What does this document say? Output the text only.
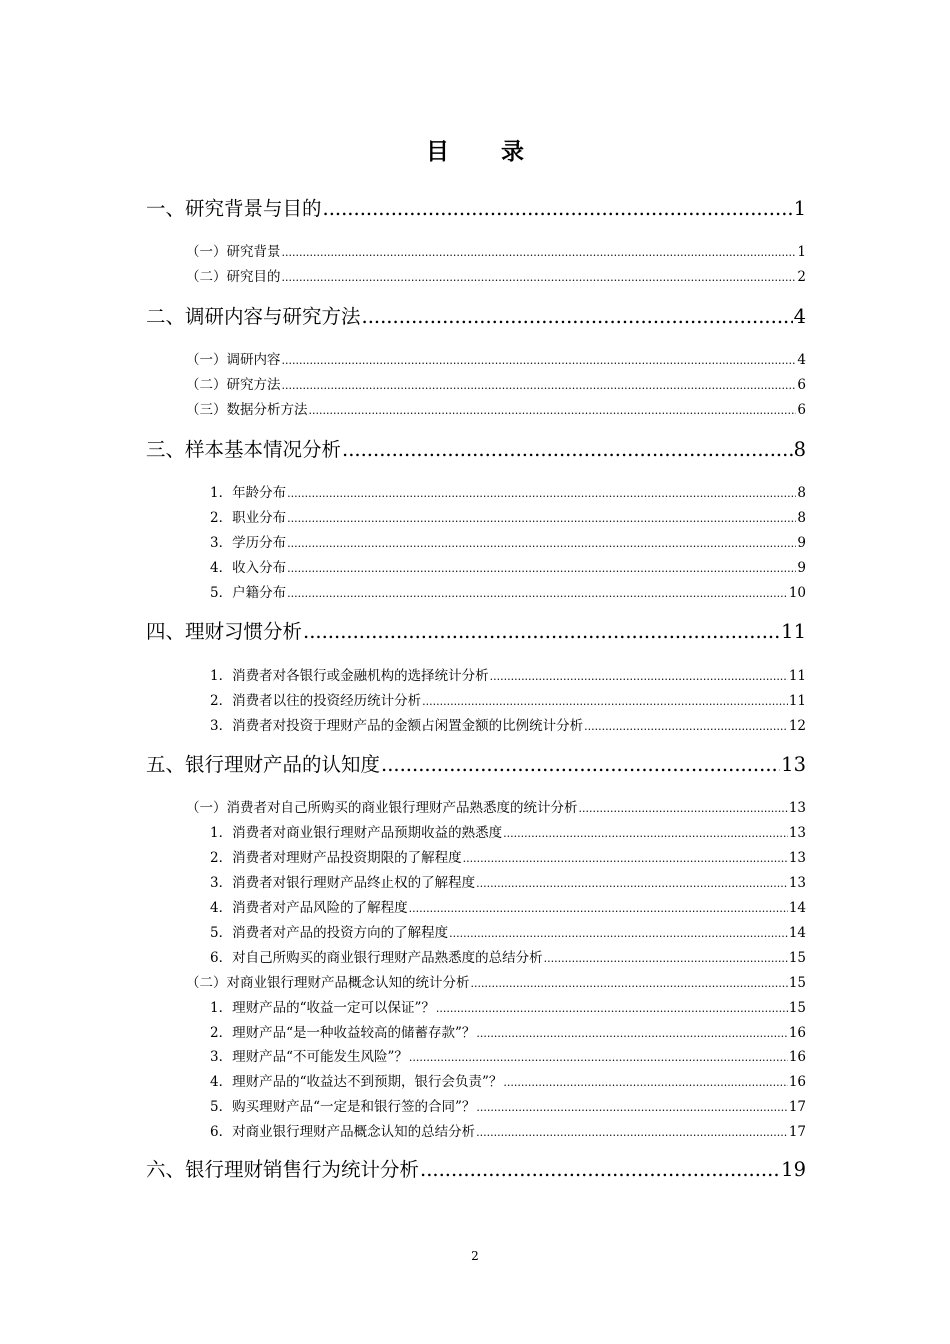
目 录
一、研究背景与目的 .....	1
（一）研究背景 .....	1
（二）研究目的 .....	2
二、调研内容与研究方法 .....	4
（一）调研内容 .....	4
（二）研究方法 .....	6
（三）数据分析方法 .....	6
三、样本基本情况分析 .....	8
1．年龄分布 .....	8
2．职业分布 .....	8
3．学历分布 .....	9
4．收入分布 .....	9
5．户籍分布 .....	10
四、理财习惯分析 .....	11
1．消费者对各银行或金融机构的选择统计分析 .....	11
2．消费者以往的投资经历统计分析 .....	11
3．消费者对投资于理财产品的金额占闲置金额的比例统计分析 .....	12
五、银行理财产品的认知度 .....	13
（一）消费者对自己所购买的商业银行理财产品熟悉度的统计分析 .....	13
1．消费者对商业银行理财产品预期收益的熟悉度 .....	13
2．消费者对理财产品投资期限的了解程度 .....	13
3．消费者对银行理财产品终止权的了解程度 .....	13
4．消费者对产品风险的了解程度 .....	14
5．消费者对产品的投资方向的了解程度 .....	14
6．对自己所购买的商业银行理财产品熟悉度的总结分析 .....	15
（二）对商业银行理财产品概念认知的统计分析 .....	15
1．理财产品的“收益一定可以保证”？ .....	15
2．理财产品“是一种收益较高的储蓄存款”？ .....	16
3．理财产品“不可能发生风险”？ .....	16
4．理财产品的“收益达不到预期，银行会负责”？ .....	16
5．购买理财产品“一定是和银行签的合同”？ .....	17
6．对商业银行理财产品概念认知的总结分析 .....	17
六、银行理财销售行为统计分析 .....	19
2
